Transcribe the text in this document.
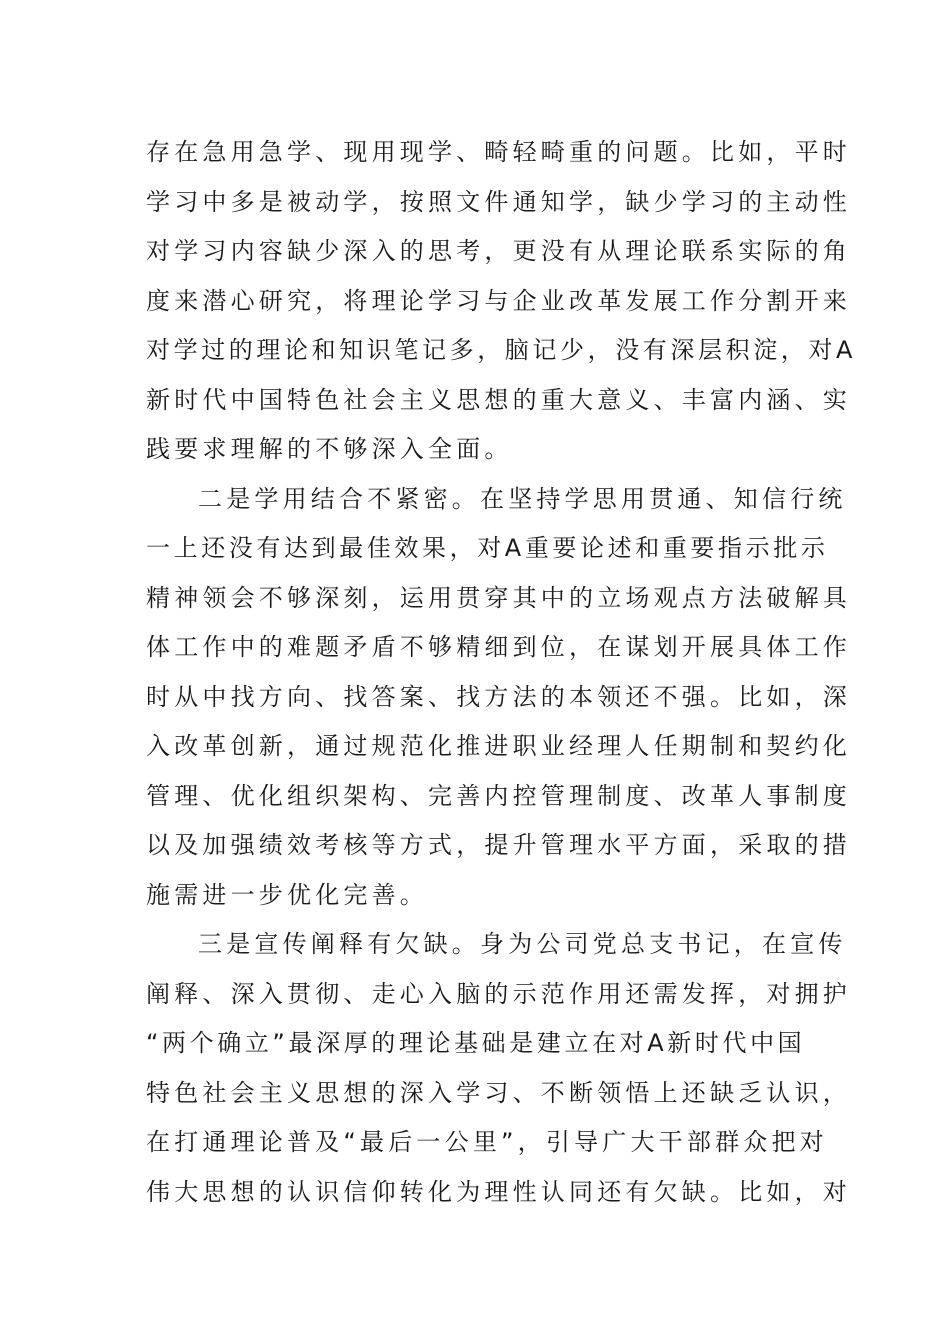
存在急用急学、现用现学、畸轻畸重的问题。比如，平时
学习中多是被动学，按照文件通知学，缺少学习的主动性
对学习内容缺少深入的思考，更没有从理论联系实际的角
度来潜心研究，将理论学习与企业改革发展工作分割开来
对学过的理论和知识笔记多，脑记少，没有深层积淀，对A
新时代中国特色社会主义思想的重大意义、丰富内涵、实
践要求理解的不够深入全面。
二是学用结合不紧密。在坚持学思用贯通、知信行统
一上还没有达到最佳效果，对A重要论述和重要指示批示
精神领会不够深刻，运用贯穿其中的立场观点方法破解具
体工作中的难题矛盾不够精细到位，在谋划开展具体工作
时从中找方向、找答案、找方法的本领还不强。比如，深
入改革创新，通过规范化推进职业经理人任期制和契约化
管理、优化组织架构、完善内控管理制度、改革人事制度
以及加强绩效考核等方式，提升管理水平方面，采取的措
施需进一步优化完善。
三是宣传阐释有欠缺。身为公司党总支书记，在宣传
阐释、深入贯彻、走心入脑的示范作用还需发挥，对拥护
“两个确立”最深厚的理论基础是建立在对A新时代中国
特色社会主义思想的深入学习、不断领悟上还缺乏认识，
在打通理论普及“最后一公里”，引导广大干部群众把对
伟大思想的认识信仰转化为理性认同还有欠缺。比如，对
